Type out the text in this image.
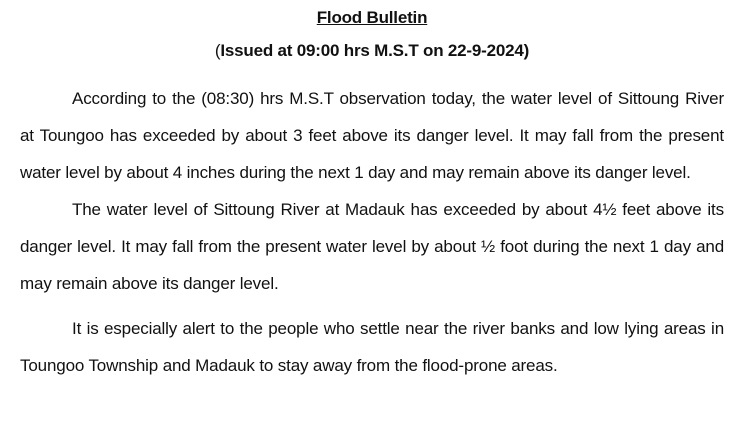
Flood Bulletin

(Issued at 09:00 hrs M.S.T on 22-9-2024)

According to the (08:30) hrs M.S.T observation today, the water level of Sittoung River at Toungoo has exceeded by about 3 feet above its danger level. It may fall from the present water level by about 4 inches during the next 1 day and may remain above its danger level.

The water level of Sittoung River at Madauk has exceeded by about 4½ feet above its danger level. It may fall from the present water level by about ½ foot during the next 1 day and may remain above its danger level.

It is especially alert to the people who settle near the river banks and low lying areas in Toungoo Township and Madauk to stay away from the flood-prone areas.
